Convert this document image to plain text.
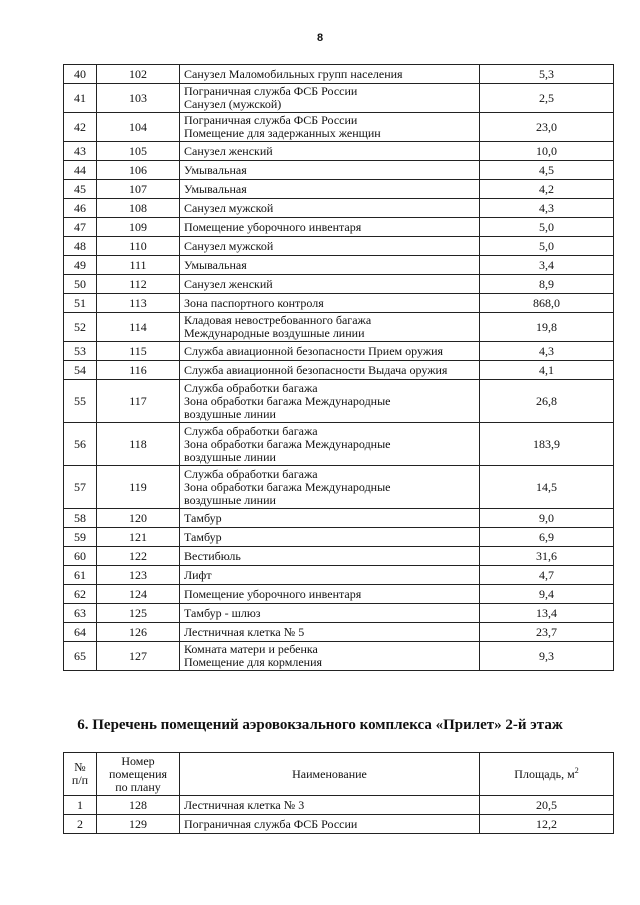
8
40	102	Санузел Маломобильных групп населения	5,3
41	103	Пограничная служба ФСБ России
Санузел (мужской)	2,5
42	104	Пограничная служба ФСБ России
Помещение для задержанных женщин	23,0
43	105	Санузел женский	10,0
44	106	Умывальная	4,5
45	107	Умывальная	4,2
46	108	Санузел мужской	4,3
47	109	Помещение уборочного инвентаря	5,0
48	110	Санузел мужской	5,0
49	111	Умывальная	3,4
50	112	Санузел женский	8,9
51	113	Зона паспортного контроля	868,0
52	114	Кладовая невостребованного багажа
Международные воздушные линии	19,8
53	115	Служба авиационной безопасности Прием оружия	4,3
54	116	Служба авиационной безопасности Выдача оружия	4,1
55	117	Служба обработки багажа
Зона обработки багажа Международные
воздушные линии	26,8
56	118	Служба обработки багажа
Зона обработки багажа Международные
воздушные линии	183,9
57	119	Служба обработки багажа
Зона обработки багажа Международные
воздушные линии	14,5
58	120	Тамбур	9,0
59	121	Тамбур	6,9
60	122	Вестибюль	31,6
61	123	Лифт	4,7
62	124	Помещение уборочного инвентаря	9,4
63	125	Тамбур - шлюз	13,4
64	126	Лестничная клетка № 5	23,7
65	127	Комната матери и ребенка
Помещение для кормления	9,3
6. Перечень помещений аэровокзального комплекса «Прилет» 2-й этаж
№
п/п	Номер
помещения
по плану	Наименование	Площадь, $м^2$
1	128	Лестничная клетка № 3	20,5
2	129	Пограничная служба ФСБ России	12,2
